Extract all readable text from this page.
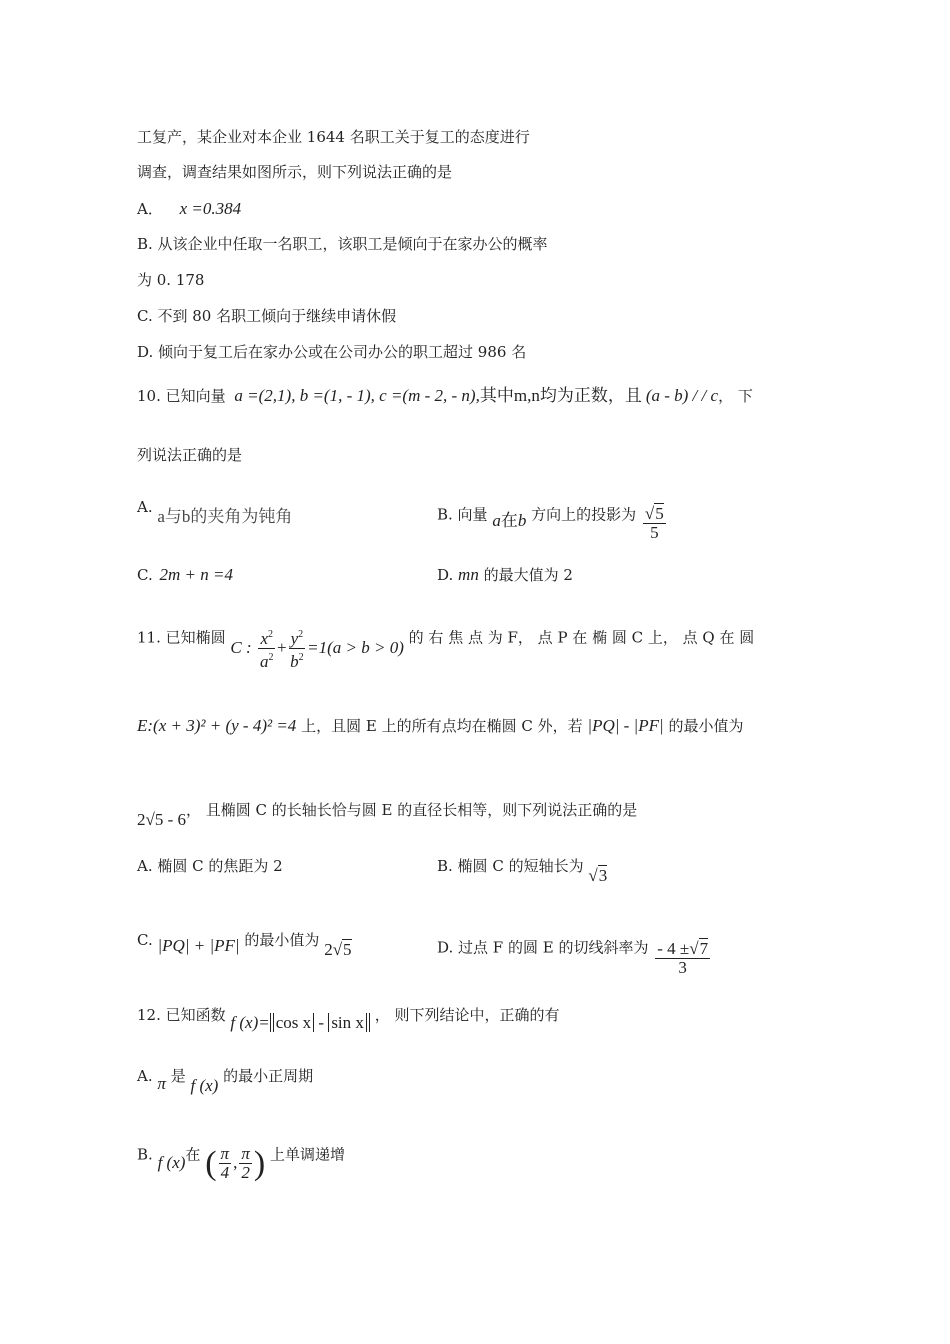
工复产，某企业对本企业 1644 名职工关于复工的态度进行
调查，调查结果如图所示，则下列说法正确的是
A． x =0.384
B. 从该企业中任取一名职工，该职工是倾向于在家办公的概率
为 0. 178
C. 不到 80 名职工倾向于继续申请休假
D. 倾向于复工后在家办公或在公司办公的职工超过 986 名
10. 已知向量 a =(2,1), b =(1, - 1), c =(m - 2, - n),其中m,n均为正数，且 (a - b) / / c， 下
列说法正确的是
A. a与b的夹角为钝角	B. 向量 a在b 方向上的投影为 $\frac{√5}{5}$
C. 2m + n =4	D. mn 的最大值为 2
11. 已知椭圆 C : $\frac{x^2}{a^2} + \frac{y^2}{b^2} =1(a > b > 0)$ 的 右 焦 点 为 F， 点 P 在 椭 圆 C 上， 点 Q 在 圆
E:(x + 3)² + (y - 4)² =4 上，且圆 E 上的所有点均在椭圆 C 外，若 |PQ| - |PF| 的最小值为
2√5 - 6， 且椭圆 C 的长轴长恰与圆 E 的直径长相等，则下列说法正确的是
A. 椭圆 C 的焦距为 2	B. 椭圆 C 的短轴长为 √3
C. |PQ| + |PF| 的最小值为 2√5	D. 过点 F 的圆 E 的切线斜率为 $\frac{- 4 \pm√7}{3}$
12. 已知函数 f (x)= cos x - sin x ， 则下列结论中，正确的有
A. π 是 f (x) 的最小正周期
B. f (x)在 ( $\frac{\pi}{4}$ , $\frac{\pi}{2}$ ) 上单调递增
